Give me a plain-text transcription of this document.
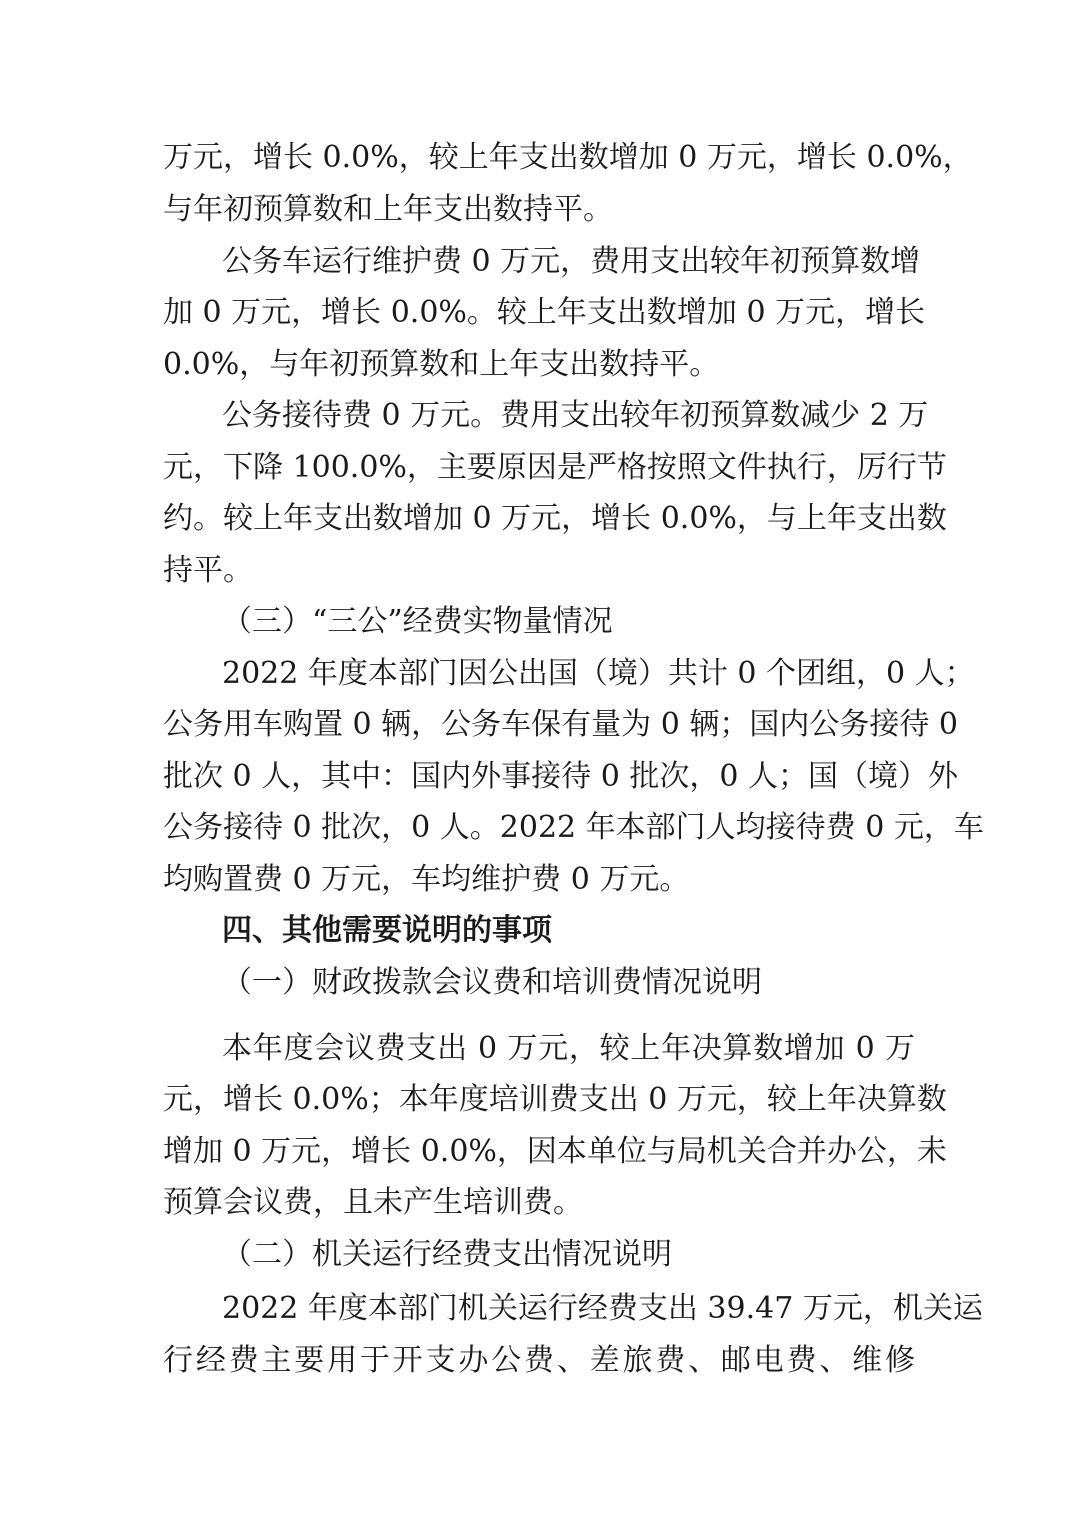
万元，增长 0.0%，较上年支出数增加 0 万元，增长 0.0%，
与年初预算数和上年支出数持平。
公务车运行维护费 0 万元，费用支出较年初预算数增
加 0 万元，增长 0.0%。较上年支出数增加 0 万元，增长
0.0%，与年初预算数和上年支出数持平。
公务接待费 0 万元。费用支出较年初预算数减少 2 万
元，下降 100.0%，主要原因是严格按照文件执行，厉行节
约。较上年支出数增加 0 万元，增长 0.0%，与上年支出数
持平。
（三）“三公”经费实物量情况
2022 年度本部门因公出国（境）共计 0 个团组，0 人；
公务用车购置 0 辆，公务车保有量为 0 辆；国内公务接待 0
批次 0 人，其中：国内外事接待 0 批次，0 人；国（境）外
公务接待 0 批次，0 人。2022 年本部门人均接待费 0 元，车
均购置费 0 万元，车均维护费 0 万元。
四、其他需要说明的事项
（一）财政拨款会议费和培训费情况说明
本年度会议费支出 0 万元，较上年决算数增加 0 万
元，增长 0.0%；本年度培训费支出 0 万元，较上年决算数
增加 0 万元，增长 0.0%，因本单位与局机关合并办公，未
预算会议费，且未产生培训费。
（二）机关运行经费支出情况说明
2022 年度本部门机关运行经费支出 39.47 万元，机关运
行经费主要用于开支办公费、差旅费、邮电费、维修
